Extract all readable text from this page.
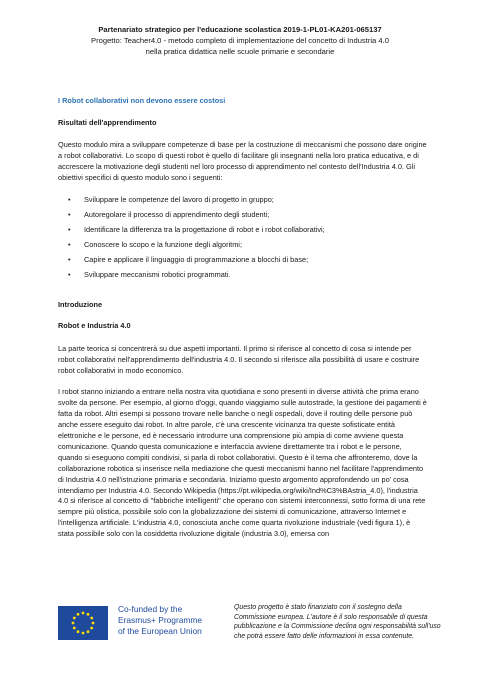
Partenariato strategico per l'educazione scolastica 2019-1-PL01-KA201-065137
Progetto: Teacher4.0 - metodo completo di implementazione del concetto di Industria 4.0
nella pratica didattica nelle scuole primarie e secondarie

I Robot collaborativi non devono essere costosi

Risultati dell'apprendimento

Questo modulo mira a sviluppare competenze di base per la costruzione di meccanismi che possono dare origine a robot collaborativi. Lo scopo di questi robot è quello di facilitare gli insegnanti nella loro pratica educativa, e di accrescere la motivazione degli studenti nel loro processo di apprendimento nel contesto dell'Industria 4.0. Gli obiettivi specifici di questo modulo sono i seguenti:

• Sviluppare le competenze del lavoro di progetto in gruppo;
• Autoregolare il processo di apprendimento degli studenti;
• Identificare la differenza tra la progettazione di robot e i robot collaborativi;
• Conoscere lo scopo e la funzione degli algoritmi;
• Capire e applicare il linguaggio di programmazione a blocchi di base;
• Sviluppare meccanismi robotici programmati.

Introduzione

Robot e Industria 4.0

La parte teorica si concentrerà su due aspetti importanti. Il primo si riferisce al concetto di cosa si intende per robot collaborativi nell'apprendimento dell'industria 4.0. Il secondo si riferisce alla possibilità di usare e costruire robot collaborativi in modo economico.

I robot stanno iniziando a entrare nella nostra vita quotidiana e sono presenti in diverse attività che prima erano svolte da persone. Per esempio, al giorno d'oggi, quando viaggiamo sulle autostrade, la gestione dei pagamenti è fatta da robot. Altri esempi si possono trovare nelle banche o negli ospedali, dove il routing delle persone può anche essere eseguito dai robot. In altre parole, c'è una crescente vicinanza tra queste sofisticate entità elettroniche e le persone, ed è necessario introdurre una comprensione più ampia di come avviene questa comunicazione. Quando questa comunicazione e interfaccia avviene direttamente tra i robot e le persone, quando si eseguono compiti condivisi, si parla di robot collaborativi. Questo è il tema che affronteremo, dove la collaborazione robotica si inserisce nella mediazione che questi meccanismi hanno nel facilitare l'apprendimento di Industria 4.0 nell'istruzione primaria e secondaria. Iniziamo questo argomento approfondendo un po' cosa intendiamo per Industria 4.0. Secondo Wikipedia (https://pt.wikipedia.org/wiki/Ind%C3%BAstria_4.0), l'industria 4.0 si riferisce al concetto di "fabbriche intelligenti" che operano con sistemi interconnessi, sotto forma di una rete sempre più olistica, possibile solo con la globalizzazione dei sistemi di comunicazione, attraverso Internet e l'intelligenza artificiale. L'industria 4.0, conosciuta anche come quarta rivoluzione industriale (vedi figura 1), è stata possibile solo con la cosiddetta rivoluzione digitale (industria 3.0), emersa con

Co-funded by the
Erasmus+ Programme
of the European Union
Questo progetto è stato finanziato con il sostegno della Commissione europea. L'autore è il solo responsabile di questa pubblicazione e la Commissione declina ogni responsabilità sull'uso che potrà essere fatto delle informazioni in essa contenute.
